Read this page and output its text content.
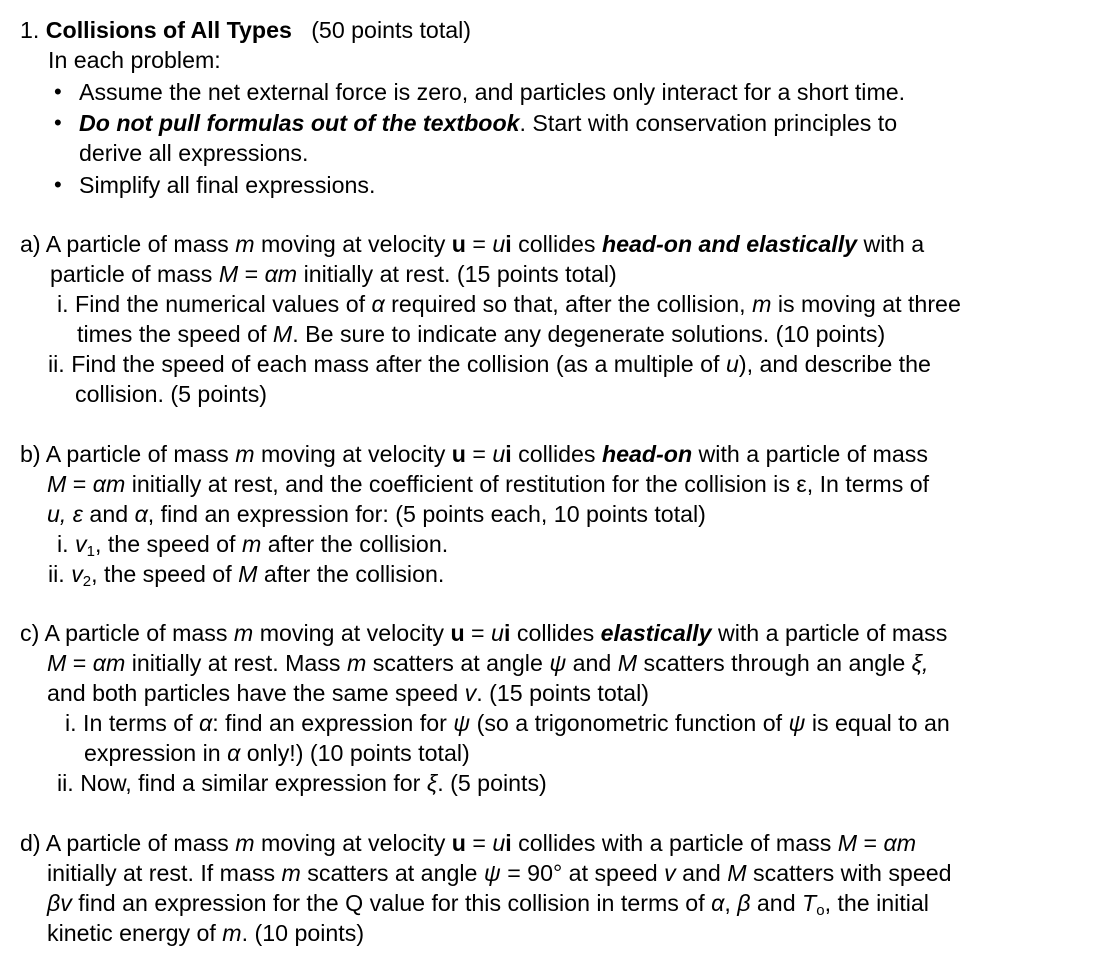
1. Collisions of All Types (50 points total)
In each problem:
• Assume the net external force is zero, and particles only interact for a short time.
• Do not pull formulas out of the textbook. Start with conservation principles to
derive all expressions.
• Simplify all final expressions.
a) A particle of mass m moving at velocity u = ui collides head-on and elastically with a
particle of mass M = αm initially at rest. (15 points total)
i. Find the numerical values of α required so that, after the collision, m is moving at three
times the speed of M. Be sure to indicate any degenerate solutions. (10 points)
ii. Find the speed of each mass after the collision (as a multiple of u), and describe the
collision. (5 points)
b) A particle of mass m moving at velocity u = ui collides head-on with a particle of mass
M = αm initially at rest, and the coefficient of restitution for the collision is ε, In terms of
u, ε and α, find an expression for: (5 points each, 10 points total)
i. $v_1$, the speed of m after the collision.
ii. $v_2$, the speed of M after the collision.
c) A particle of mass m moving at velocity u = ui collides elastically with a particle of mass
M = αm initially at rest. Mass m scatters at angle ψ and M scatters through an angle ξ,
and both particles have the same speed v. (15 points total)
i. In terms of α: find an expression for ψ (so a trigonometric function of ψ is equal to an
expression in α only!) (10 points total)
ii. Now, find a similar expression for ξ. (5 points)
d) A particle of mass m moving at velocity u = ui collides with a particle of mass M = αm
initially at rest. If mass m scatters at angle ψ = 90° at speed v and M scatters with speed
βv find an expression for the Q value for this collision in terms of α, β and $T_o$, the initial
kinetic energy of m. (10 points)
